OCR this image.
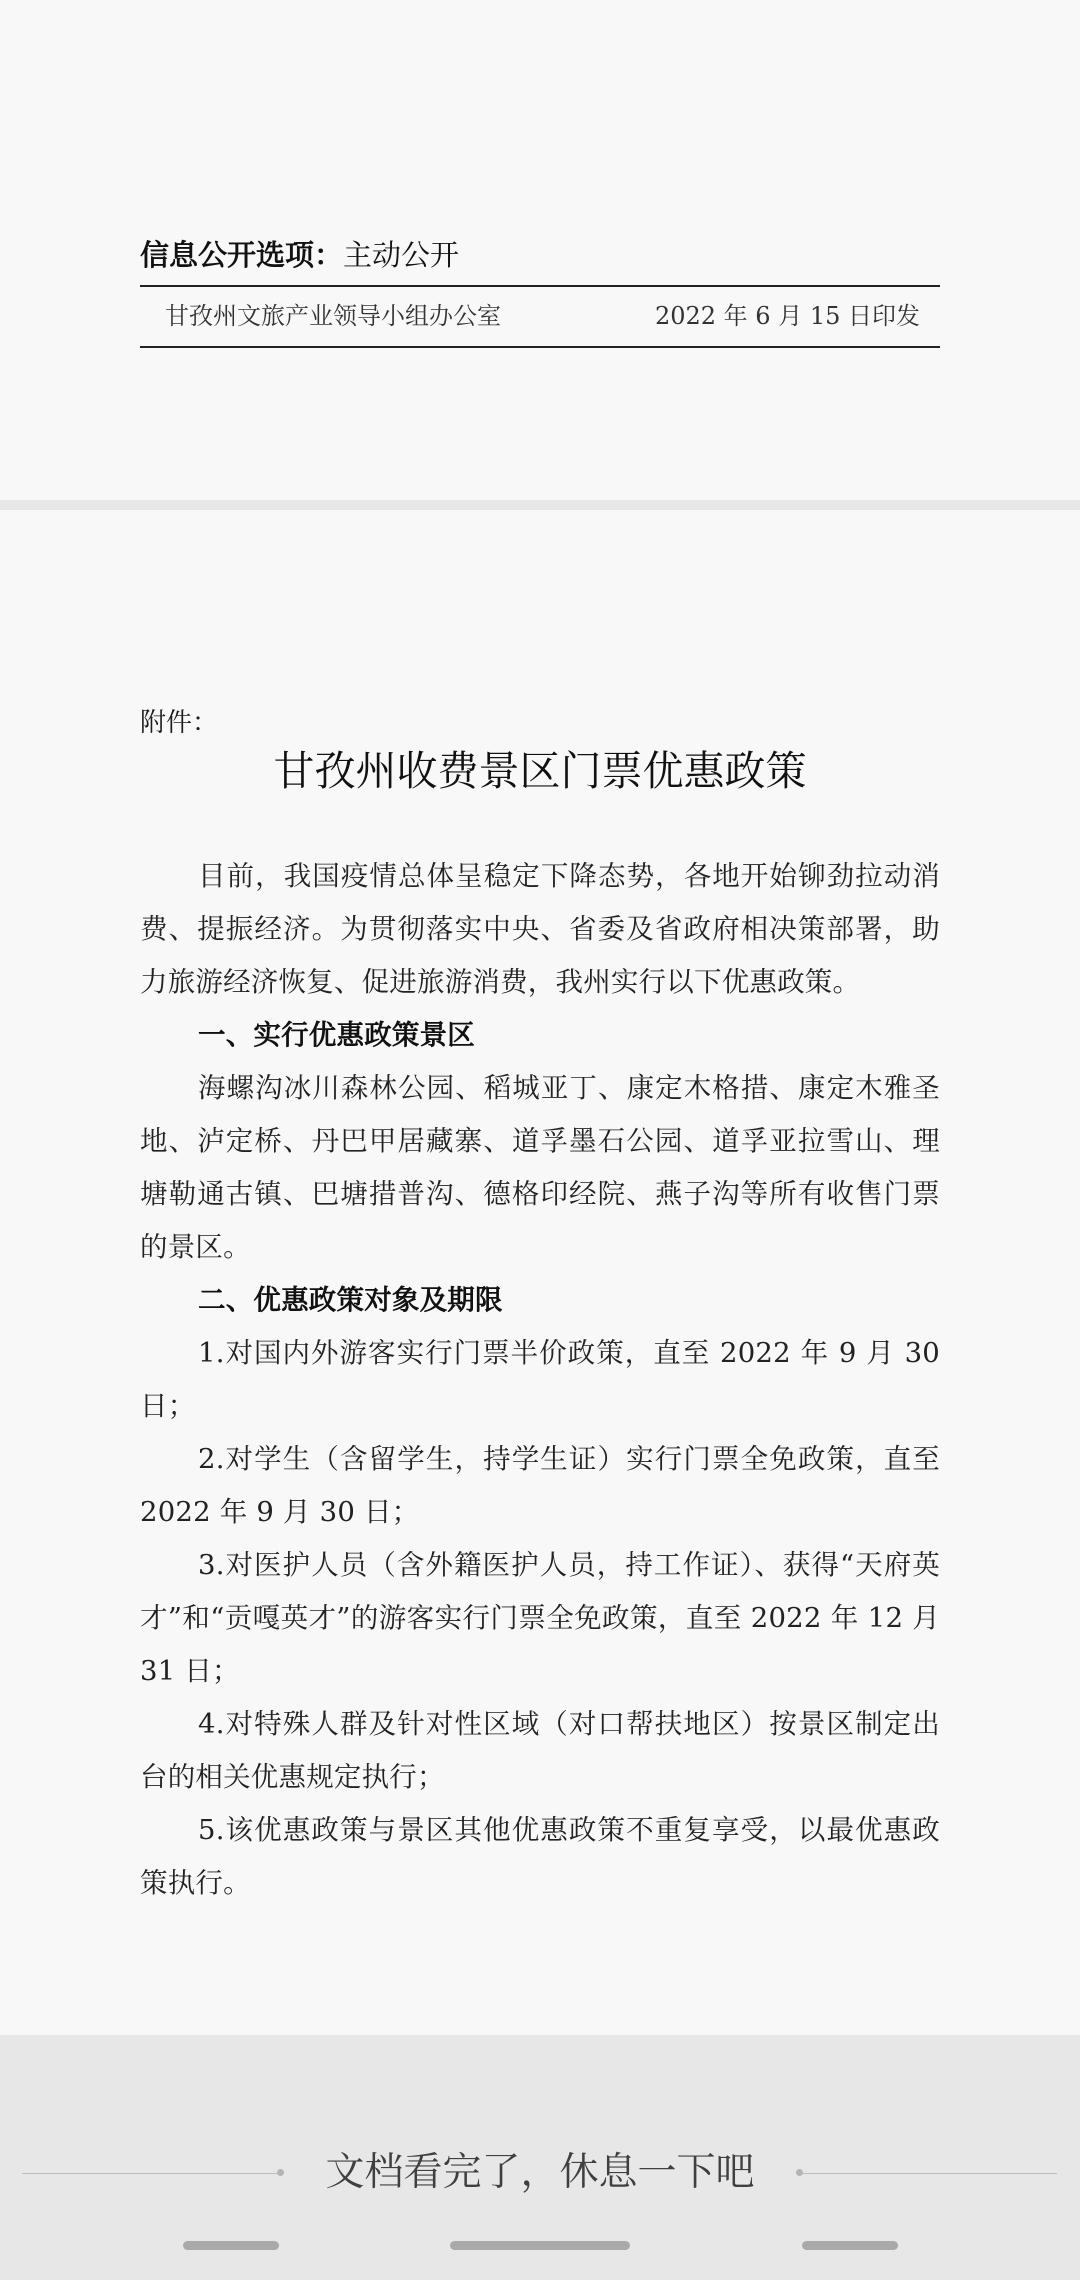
信息公开选项：主动公开
甘孜州文旅产业领导小组办公室	2022 年 6 月 15 日印发
附件：
甘孜州收费景区门票优惠政策

目前，我国疫情总体呈稳定下降态势，各地开始铆劲拉动消费、提振经济。为贯彻落实中央、省委及省政府相决策部署，助力旅游经济恢复、促进旅游消费，我州实行以下优惠政策。

一、实行优惠政策景区

海螺沟冰川森林公园、稻城亚丁、康定木格措、康定木雅圣地、泸定桥、丹巴甲居藏寨、道孚墨石公园、道孚亚拉雪山、理塘勒通古镇、巴塘措普沟、德格印经院、燕子沟等所有收售门票的景区。

二、优惠政策对象及期限

1.对国内外游客实行门票半价政策，直至 2022 年 9 月 30 日；

2.对学生（含留学生，持学生证）实行门票全免政策，直至 2022 年 9 月 30 日；

3.对医护人员（含外籍医护人员，持工作证）、获得“天府英才”和“贡嘎英才”的游客实行门票全免政策，直至 2022 年 12 月 31 日；

4.对特殊人群及针对性区域（对口帮扶地区）按景区制定出台的相关优惠规定执行；

5.该优惠政策与景区其他优惠政策不重复享受，以最优惠政策执行。

文档看完了，休息一下吧
